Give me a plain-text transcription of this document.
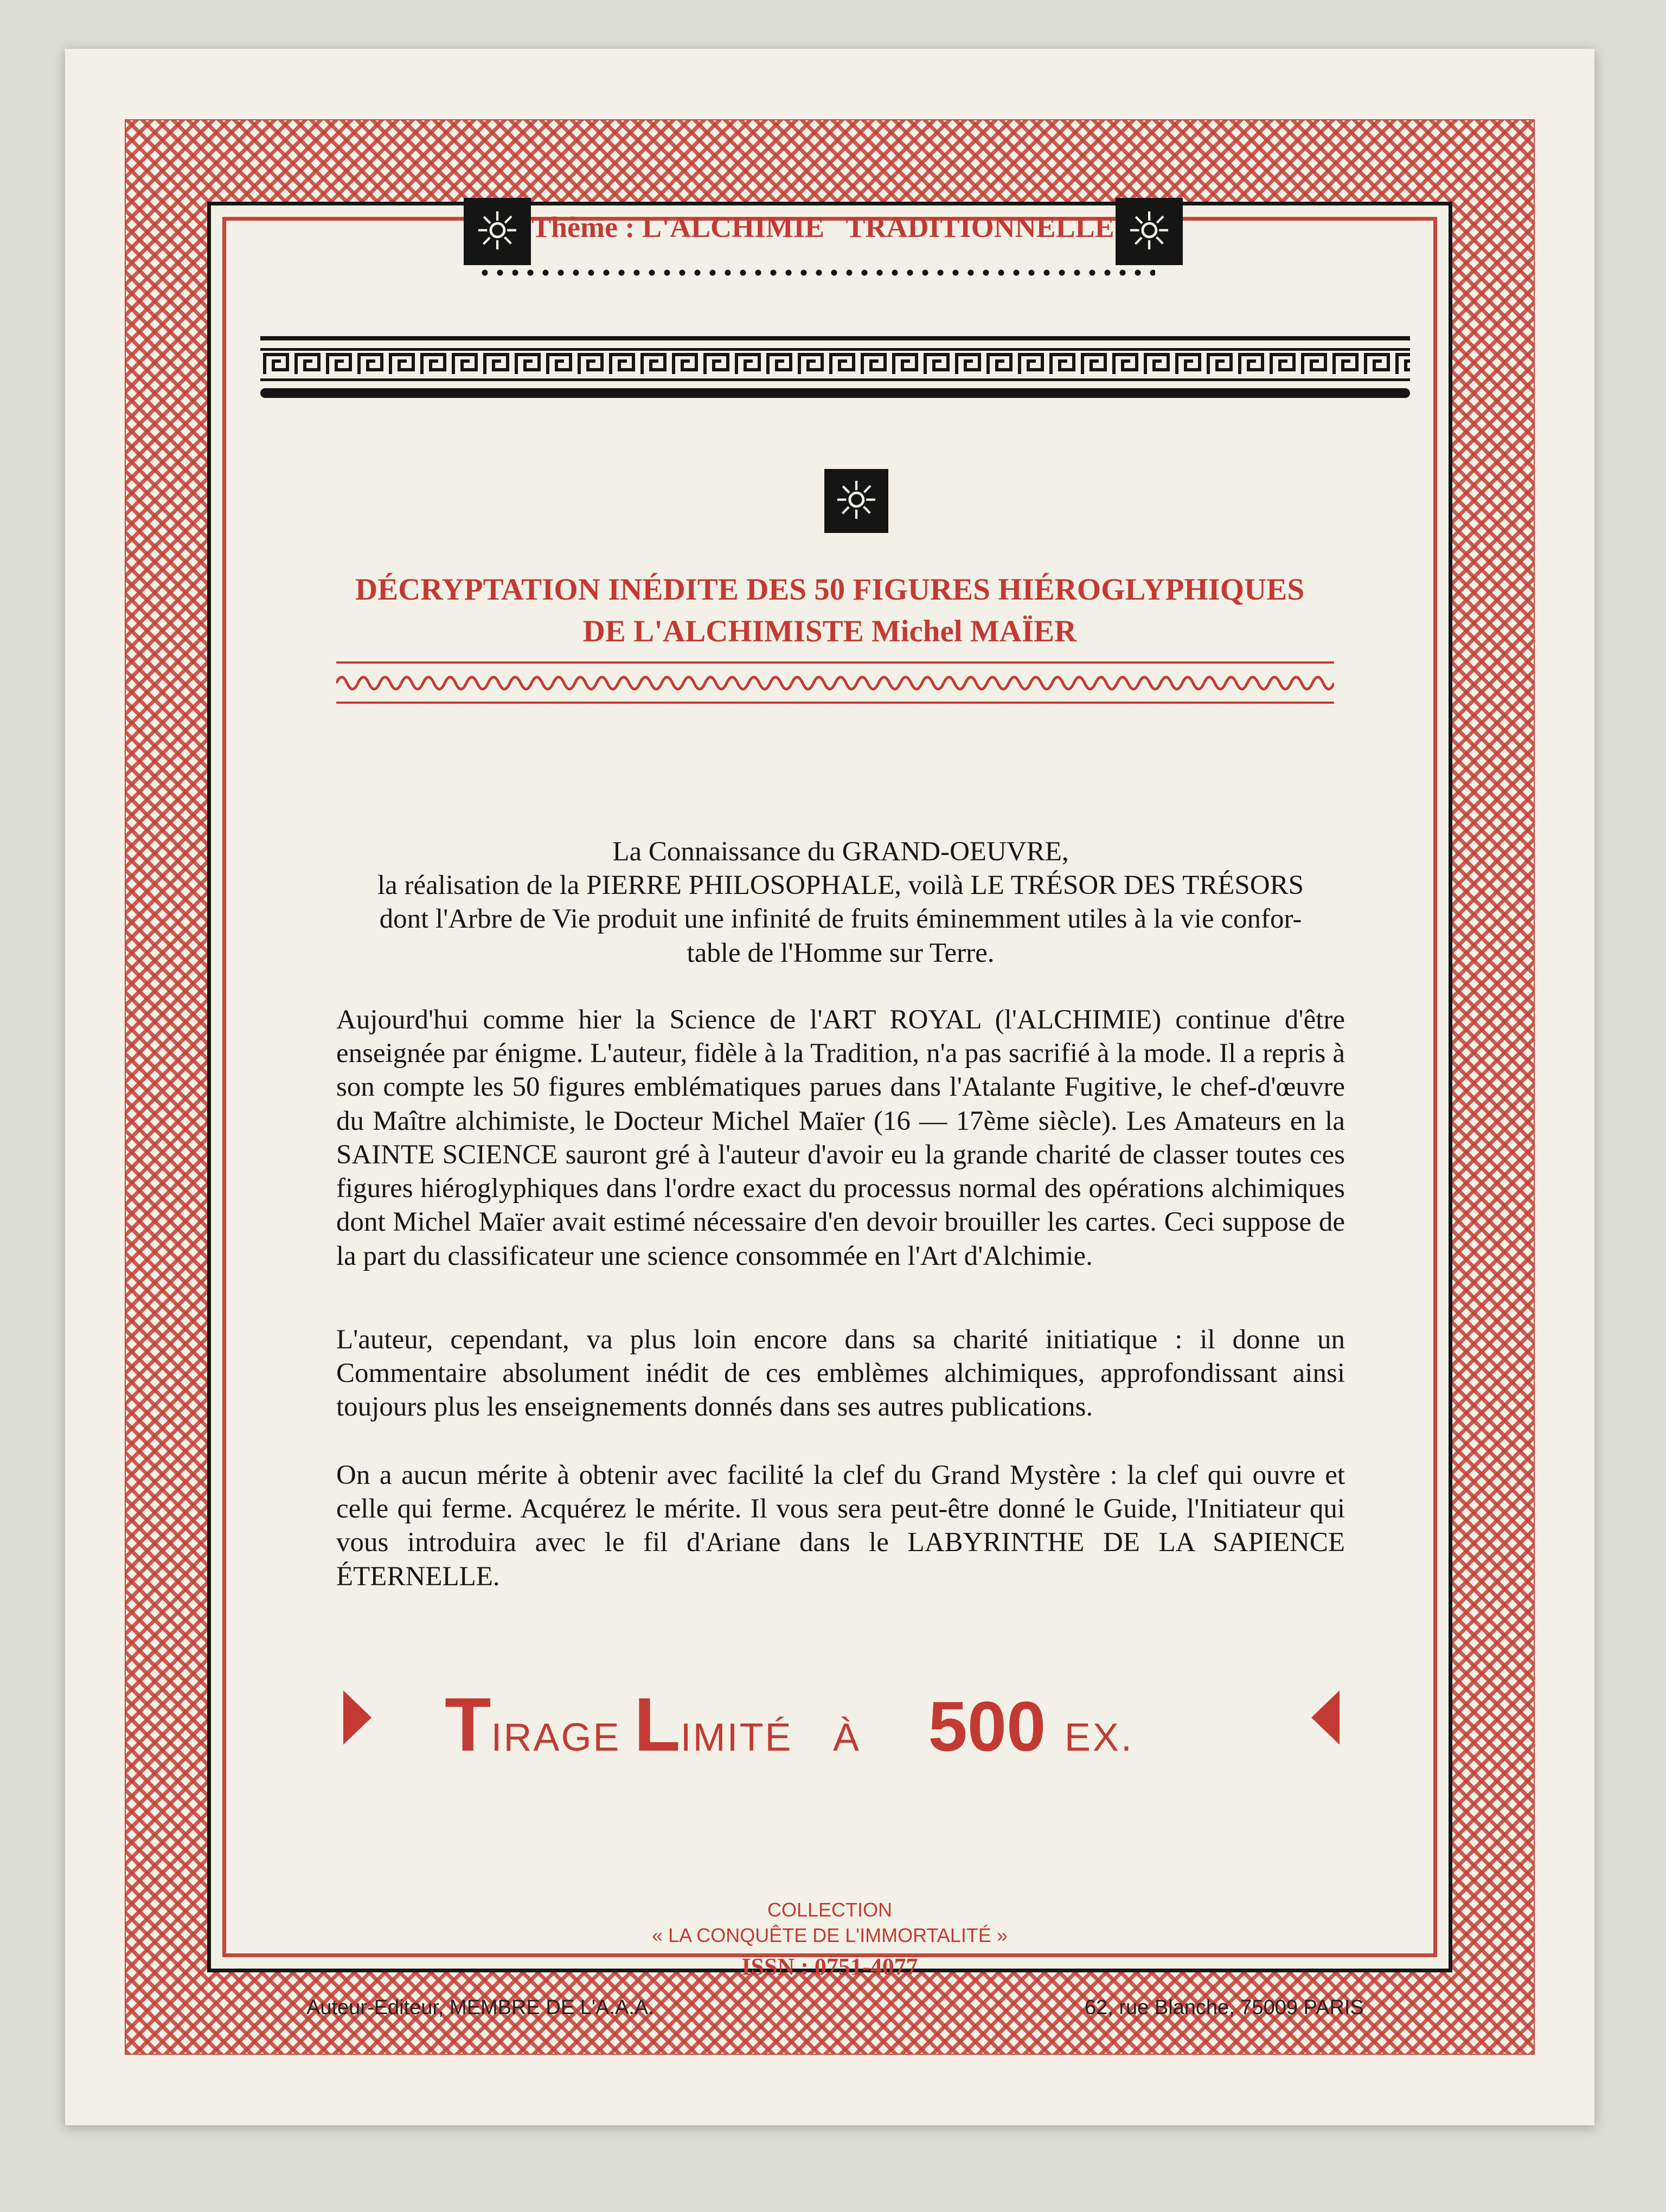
☼	☼
Thème : L'ALCHIMIE   TRADITIONNELLE
☼
DÉCRYPTATION INÉDITE DES 50 FIGURES HIÉROGLYPHIQUES
DE L'ALCHIMISTE Michel MAÏER
La Connaissance du GRAND-OEUVRE,
la réalisation de la PIERRE PHILOSOPHALE, voilà LE TRÉSOR DES TRÉSORS
dont l'Arbre de Vie produit une infinité de fruits éminemment utiles à la vie confor-
table de l'Homme sur Terre.

Aujourd'hui comme hier la Science de l'ART ROYAL (l'ALCHIMIE) continue d'être enseignée par énigme. L'auteur, fidèle à la Tradition, n'a pas sacrifié à la mode. Il a repris à son compte les 50 figures emblématiques parues dans l'Atalante Fugitive, le chef-d'œuvre du Maître alchimiste, le Docteur Michel Maïer (16 — 17ème siècle). Les Amateurs en la SAINTE SCIENCE sauront gré à l'auteur d'avoir eu la grande charité de classer toutes ces figures hiéroglyphiques dans l'ordre exact du processus normal des opérations alchimiques dont Michel Maïer avait estimé nécessaire d'en devoir brouiller les cartes. Ceci suppose de la part du classificateur une science consommée en l'Art d'Alchimie.

L'auteur, cependant, va plus loin encore dans sa charité initiatique : il donne un Commentaire absolument inédit de ces emblèmes alchimiques, approfondissant ainsi toujours plus les enseignements donnés dans ses autres publications.

On a aucun mérite à obtenir avec facilité la clef du Grand Mystère : la clef qui ouvre et celle qui ferme. Acquérez le mérite. Il vous sera peut-être donné le Guide, l'Initiateur qui vous introduira avec le fil d'Ariane dans le LABYRINTHE DE LA SAPIENCE ÉTERNELLE.

TIRAGE LIMITÉ À 500 EX.
COLLECTION
« LA CONQUÊTE DE L'IMMORTALITÉ »
ISSN : 0751-4077
Auteur-Editeur, MEMBRE DE L'A.A.A.	62, rue Blanche, 75009 PARIS
